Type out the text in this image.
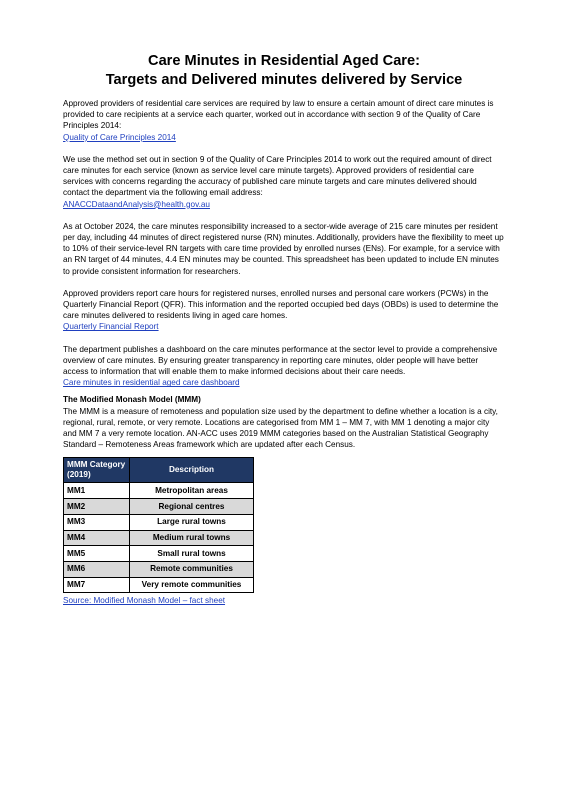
Care Minutes in Residential Aged Care:
Targets and Delivered minutes delivered by Service

Approved providers of residential care services are required by law to ensure a certain amount of direct care minutes is provided to care recipients at a service each quarter, worked out in accordance with section 9 of the Quality of Care Principles 2014:

Quality of Care Principles 2014

We use the method set out in section 9 of the Quality of Care Principles 2014 to work out the required amount of direct care minutes for each service (known as service level care minute targets). Approved providers of residential care services with concerns regarding the accuracy of published care minute targets and care minutes delivered should contact the department via the following email address:

ANACCDataandAnalysis@health.gov.au

As at October 2024, the care minutes responsibility increased to a sector-wide average of 215 care minutes per resident per day, including 44 minutes of direct registered nurse (RN) minutes. Additionally, providers have the flexibility to meet up to 10% of their service-level RN targets with care time provided by enrolled nurses (ENs). For example, for a service with an RN target of 44 minutes, 4.4 EN minutes may be counted. This spreadsheet has been updated to include EN minutes to provide consistent information for researchers.

Approved providers report care hours for registered nurses, enrolled nurses and personal care workers (PCWs) in the Quarterly Financial Report (QFR). This information and the reported occupied bed days (OBDs) is used to determine the care minutes delivered to residents living in aged care homes.

Quarterly Financial Report

The department publishes a dashboard on the care minutes performance at the sector level to provide a comprehensive overview of care minutes. By ensuring greater transparency in reporting care minutes, older people will have better access to information that will enable them to make informed decisions about their care needs.

Care minutes in residential aged care dashboard

The Modified Monash Model (MMM)

The MMM is a measure of remoteness and population size used by the department to define whether a location is a city, regional, rural, remote, or very remote. Locations are categorised from MM 1 – MM 7, with MM 1 denoting a major city and MM 7 a very remote location. AN-ACC uses 2019 MMM categories based on the Australian Statistical Geography Standard – Remoteness Areas framework which are updated after each Census.

MMM Category (2019)	Description
MM1	Metropolitan areas
MM2	Regional centres
MM3	Large rural towns
MM4	Medium rural towns
MM5	Small rural towns
MM6	Remote communities
MM7	Very remote communities
Source: Modified Monash Model – fact sheet
